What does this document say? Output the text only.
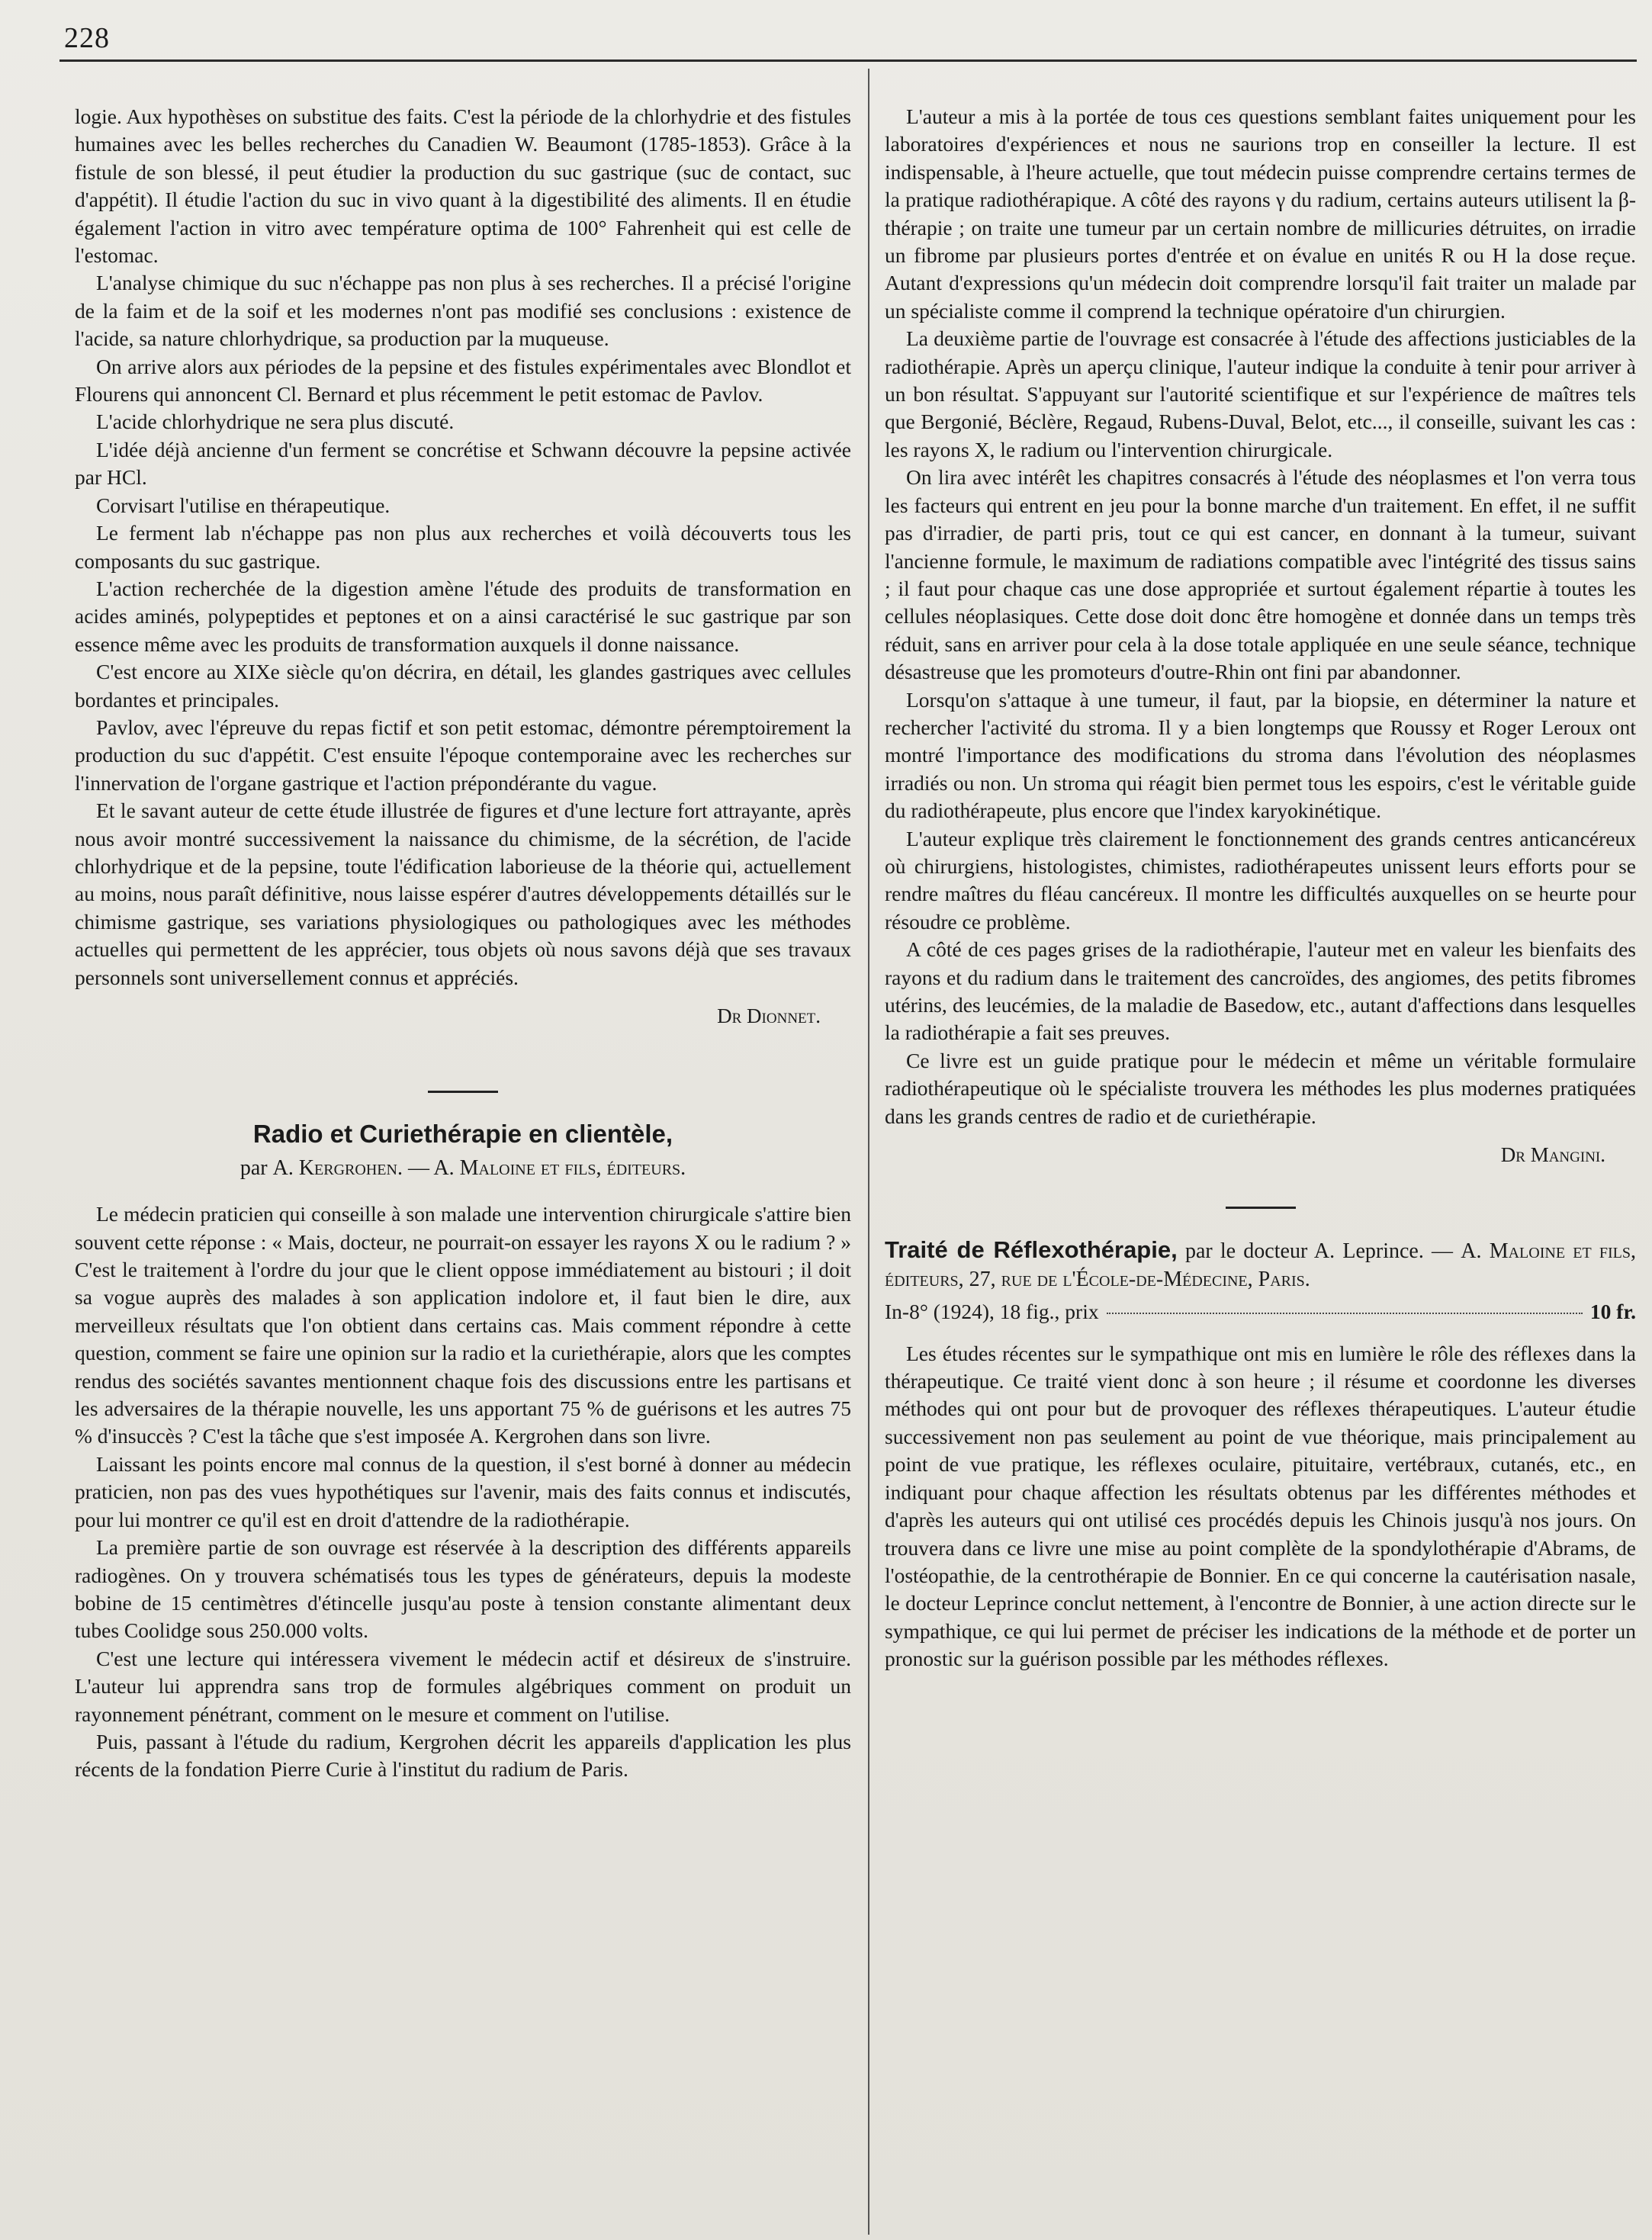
228

logie. Aux hypothèses on substitue des faits. C'est la période de la chlorhydrie et des fistules humaines avec les belles recherches du Canadien W. Beaumont (1785-1853). Grâce à la fistule de son blessé, il peut étudier la production du suc gastrique (suc de contact, suc d'appétit). Il étudie l'action du suc in vivo quant à la digestibilité des aliments. Il en étudie également l'action in vitro avec température optima de 100° Fahrenheit qui est celle de l'estomac.

L'analyse chimique du suc n'échappe pas non plus à ses recherches. Il a précisé l'origine de la faim et de la soif et les modernes n'ont pas modifié ses conclusions : existence de l'acide, sa nature chlorhydrique, sa production par la muqueuse.

On arrive alors aux périodes de la pepsine et des fistules expérimentales avec Blondlot et Flourens qui annoncent Cl. Bernard et plus récemment le petit estomac de Pavlov.

L'acide chlorhydrique ne sera plus discuté.

L'idée déjà ancienne d'un ferment se concrétise et Schwann découvre la pepsine activée par HCl.

Corvisart l'utilise en thérapeutique.

Le ferment lab n'échappe pas non plus aux recherches et voilà découverts tous les composants du suc gastrique.

L'action recherchée de la digestion amène l'étude des produits de transformation en acides aminés, polypeptides et peptones et on a ainsi caractérisé le suc gastrique par son essence même avec les produits de transformation auxquels il donne naissance.

C'est encore au XIXe siècle qu'on décrira, en détail, les glandes gastriques avec cellules bordantes et principales.

Pavlov, avec l'épreuve du repas fictif et son petit estomac, démontre péremptoirement la production du suc d'appétit. C'est ensuite l'époque contemporaine avec les recherches sur l'innervation de l'organe gastrique et l'action prépondérante du vague.

Et le savant auteur de cette étude illustrée de figures et d'une lecture fort attrayante, après nous avoir montré successivement la naissance du chimisme, de la sécrétion, de l'acide chlorhydrique et de la pepsine, toute l'édification laborieuse de la théorie qui, actuellement au moins, nous paraît définitive, nous laisse espérer d'autres développements détaillés sur le chimisme gastrique, ses variations physiologiques ou pathologiques avec les méthodes actuelles qui permettent de les apprécier, tous objets où nous savons déjà que ses travaux personnels sont universellement connus et appréciés.

Dr Dionnet.
Radio et Curiethérapie en clientèle,
par A. Kergrohen. — A. Maloine et fils, éditeurs.

Le médecin praticien qui conseille à son malade une intervention chirurgicale s'attire bien souvent cette réponse : « Mais, docteur, ne pourrait-on essayer les rayons X ou le radium ? » C'est le traitement à l'ordre du jour que le client oppose immédiatement au bistouri ; il doit sa vogue auprès des malades à son application indolore et, il faut bien le dire, aux merveilleux résultats que l'on obtient dans certains cas. Mais comment répondre à cette question, comment se faire une opinion sur la radio et la curiethérapie, alors que les comptes rendus des sociétés savantes mentionnent chaque fois des discussions entre les partisans et les adversaires de la thérapie nouvelle, les uns apportant 75 % de guérisons et les autres 75 % d'insuccès ? C'est la tâche que s'est imposée A. Kergrohen dans son livre.

Laissant les points encore mal connus de la question, il s'est borné à donner au médecin praticien, non pas des vues hypothétiques sur l'avenir, mais des faits connus et indiscutés, pour lui montrer ce qu'il est en droit d'attendre de la radiothérapie.

La première partie de son ouvrage est réservée à la description des différents appareils radiogènes. On y trouvera schématisés tous les types de générateurs, depuis la modeste bobine de 15 centimètres d'étincelle jusqu'au poste à tension constante alimentant deux tubes Coolidge sous 250.000 volts.

C'est une lecture qui intéressera vivement le médecin actif et désireux de s'instruire. L'auteur lui apprendra sans trop de formules algébriques comment on produit un rayonnement pénétrant, comment on le mesure et comment on l'utilise.

Puis, passant à l'étude du radium, Kergrohen décrit les appareils d'application les plus récents de la fondation Pierre Curie à l'institut du radium de Paris.

L'auteur a mis à la portée de tous ces questions semblant faites uniquement pour les laboratoires d'expériences et nous ne saurions trop en conseiller la lecture. Il est indispensable, à l'heure actuelle, que tout médecin puisse comprendre certains termes de la pratique radiothérapique. A côté des rayons γ du radium, certains auteurs utilisent la β-thérapie ; on traite une tumeur par un certain nombre de millicuries détruites, on irradie un fibrome par plusieurs portes d'entrée et on évalue en unités R ou H la dose reçue. Autant d'expressions qu'un médecin doit comprendre lorsqu'il fait traiter un malade par un spécialiste comme il comprend la technique opératoire d'un chirurgien.

La deuxième partie de l'ouvrage est consacrée à l'étude des affections justiciables de la radiothérapie. Après un aperçu clinique, l'auteur indique la conduite à tenir pour arriver à un bon résultat. S'appuyant sur l'autorité scientifique et sur l'expérience de maîtres tels que Bergonié, Béclère, Regaud, Rubens-Duval, Belot, etc..., il conseille, suivant les cas : les rayons X, le radium ou l'intervention chirurgicale.

On lira avec intérêt les chapitres consacrés à l'étude des néoplasmes et l'on verra tous les facteurs qui entrent en jeu pour la bonne marche d'un traitement. En effet, il ne suffit pas d'irradier, de parti pris, tout ce qui est cancer, en donnant à la tumeur, suivant l'ancienne formule, le maximum de radiations compatible avec l'intégrité des tissus sains ; il faut pour chaque cas une dose appropriée et surtout également répartie à toutes les cellules néoplasiques. Cette dose doit donc être homogène et donnée dans un temps très réduit, sans en arriver pour cela à la dose totale appliquée en une seule séance, technique désastreuse que les promoteurs d'outre-Rhin ont fini par abandonner.

Lorsqu'on s'attaque à une tumeur, il faut, par la biopsie, en déterminer la nature et rechercher l'activité du stroma. Il y a bien longtemps que Roussy et Roger Leroux ont montré l'importance des modifications du stroma dans l'évolution des néoplasmes irradiés ou non. Un stroma qui réagit bien permet tous les espoirs, c'est le véritable guide du radiothérapeute, plus encore que l'index karyokinétique.

L'auteur explique très clairement le fonctionnement des grands centres anticancéreux où chirurgiens, histologistes, chimistes, radiothérapeutes unissent leurs efforts pour se rendre maîtres du fléau cancéreux. Il montre les difficultés auxquelles on se heurte pour résoudre ce problème.

A côté de ces pages grises de la radiothérapie, l'auteur met en valeur les bienfaits des rayons et du radium dans le traitement des cancroïdes, des angiomes, des petits fibromes utérins, des leucémies, de la maladie de Basedow, etc., autant d'affections dans lesquelles la radiothérapie a fait ses preuves.

Ce livre est un guide pratique pour le médecin et même un véritable formulaire radiothérapeutique où le spécialiste trouvera les méthodes les plus modernes pratiquées dans les grands centres de radio et de curiethérapie.

Dr Mangini.

Traité de Réflexothérapie, par le docteur A. Leprince. — A. Maloine et fils, éditeurs, 27, rue de l'École-de-Médecine, Paris.

In-8° (1924), 18 fig., prix	10 fr.

Les études récentes sur le sympathique ont mis en lumière le rôle des réflexes dans la thérapeutique. Ce traité vient donc à son heure ; il résume et coordonne les diverses méthodes qui ont pour but de provoquer des réflexes thérapeutiques. L'auteur étudie successivement non pas seulement au point de vue théorique, mais principalement au point de vue pratique, les réflexes oculaire, pituitaire, vertébraux, cutanés, etc., en indiquant pour chaque affection les résultats obtenus par les différentes méthodes et d'après les auteurs qui ont utilisé ces procédés depuis les Chinois jusqu'à nos jours. On trouvera dans ce livre une mise au point complète de la spondylothérapie d'Abrams, de l'ostéopathie, de la centrothérapie de Bonnier. En ce qui concerne la cautérisation nasale, le docteur Leprince conclut nettement, à l'encontre de Bonnier, à une action directe sur le sympathique, ce qui lui permet de préciser les indications de la méthode et de porter un pronostic sur la guérison possible par les méthodes réflexes.
